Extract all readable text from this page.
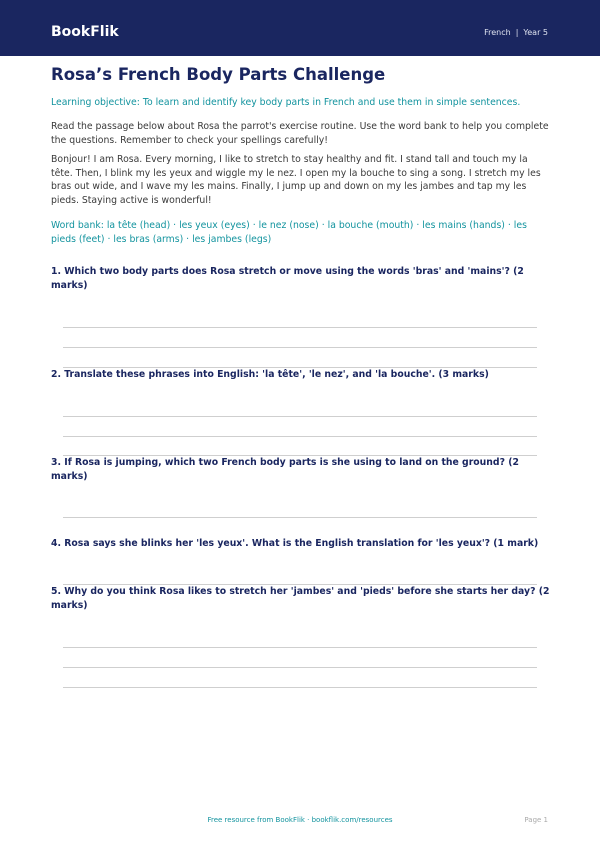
BookFlik	French | Year 5
Rosa’s French Body Parts Challenge
Learning objective: To learn and identify key body parts in French and use them in simple sentences.

Read the passage below about Rosa the parrot's exercise routine. Use the word bank to help you complete the questions. Remember to check your spellings carefully!

Bonjour! I am Rosa. Every morning, I like to stretch to stay healthy and fit. I stand tall and touch my la tête. Then, I blink my les yeux and wiggle my le nez. I open my la bouche to sing a song. I stretch my les bras out wide, and I wave my les mains. Finally, I jump up and down on my les jambes and tap my les pieds. Staying active is wonderful!

Word bank: la tête (head) · les yeux (eyes) · le nez (nose) · la bouche (mouth) · les mains (hands) · les pieds (feet) · les bras (arms) · les jambes (legs)

1. Which two body parts does Rosa stretch or move using the words 'bras' and 'mains'? (2 marks)

2. Translate these phrases into English: 'la tête', 'le nez', and 'la bouche'. (3 marks)

3. If Rosa is jumping, which two French body parts is she using to land on the ground? (2 marks)

4. Rosa says she blinks her 'les yeux'. What is the English translation for 'les yeux'? (1 mark)

5. Why do you think Rosa likes to stretch her 'jambes' and 'pieds' before she starts her day? (2 marks)

Free resource from BookFlik · bookflik.com/resources	Page 1
